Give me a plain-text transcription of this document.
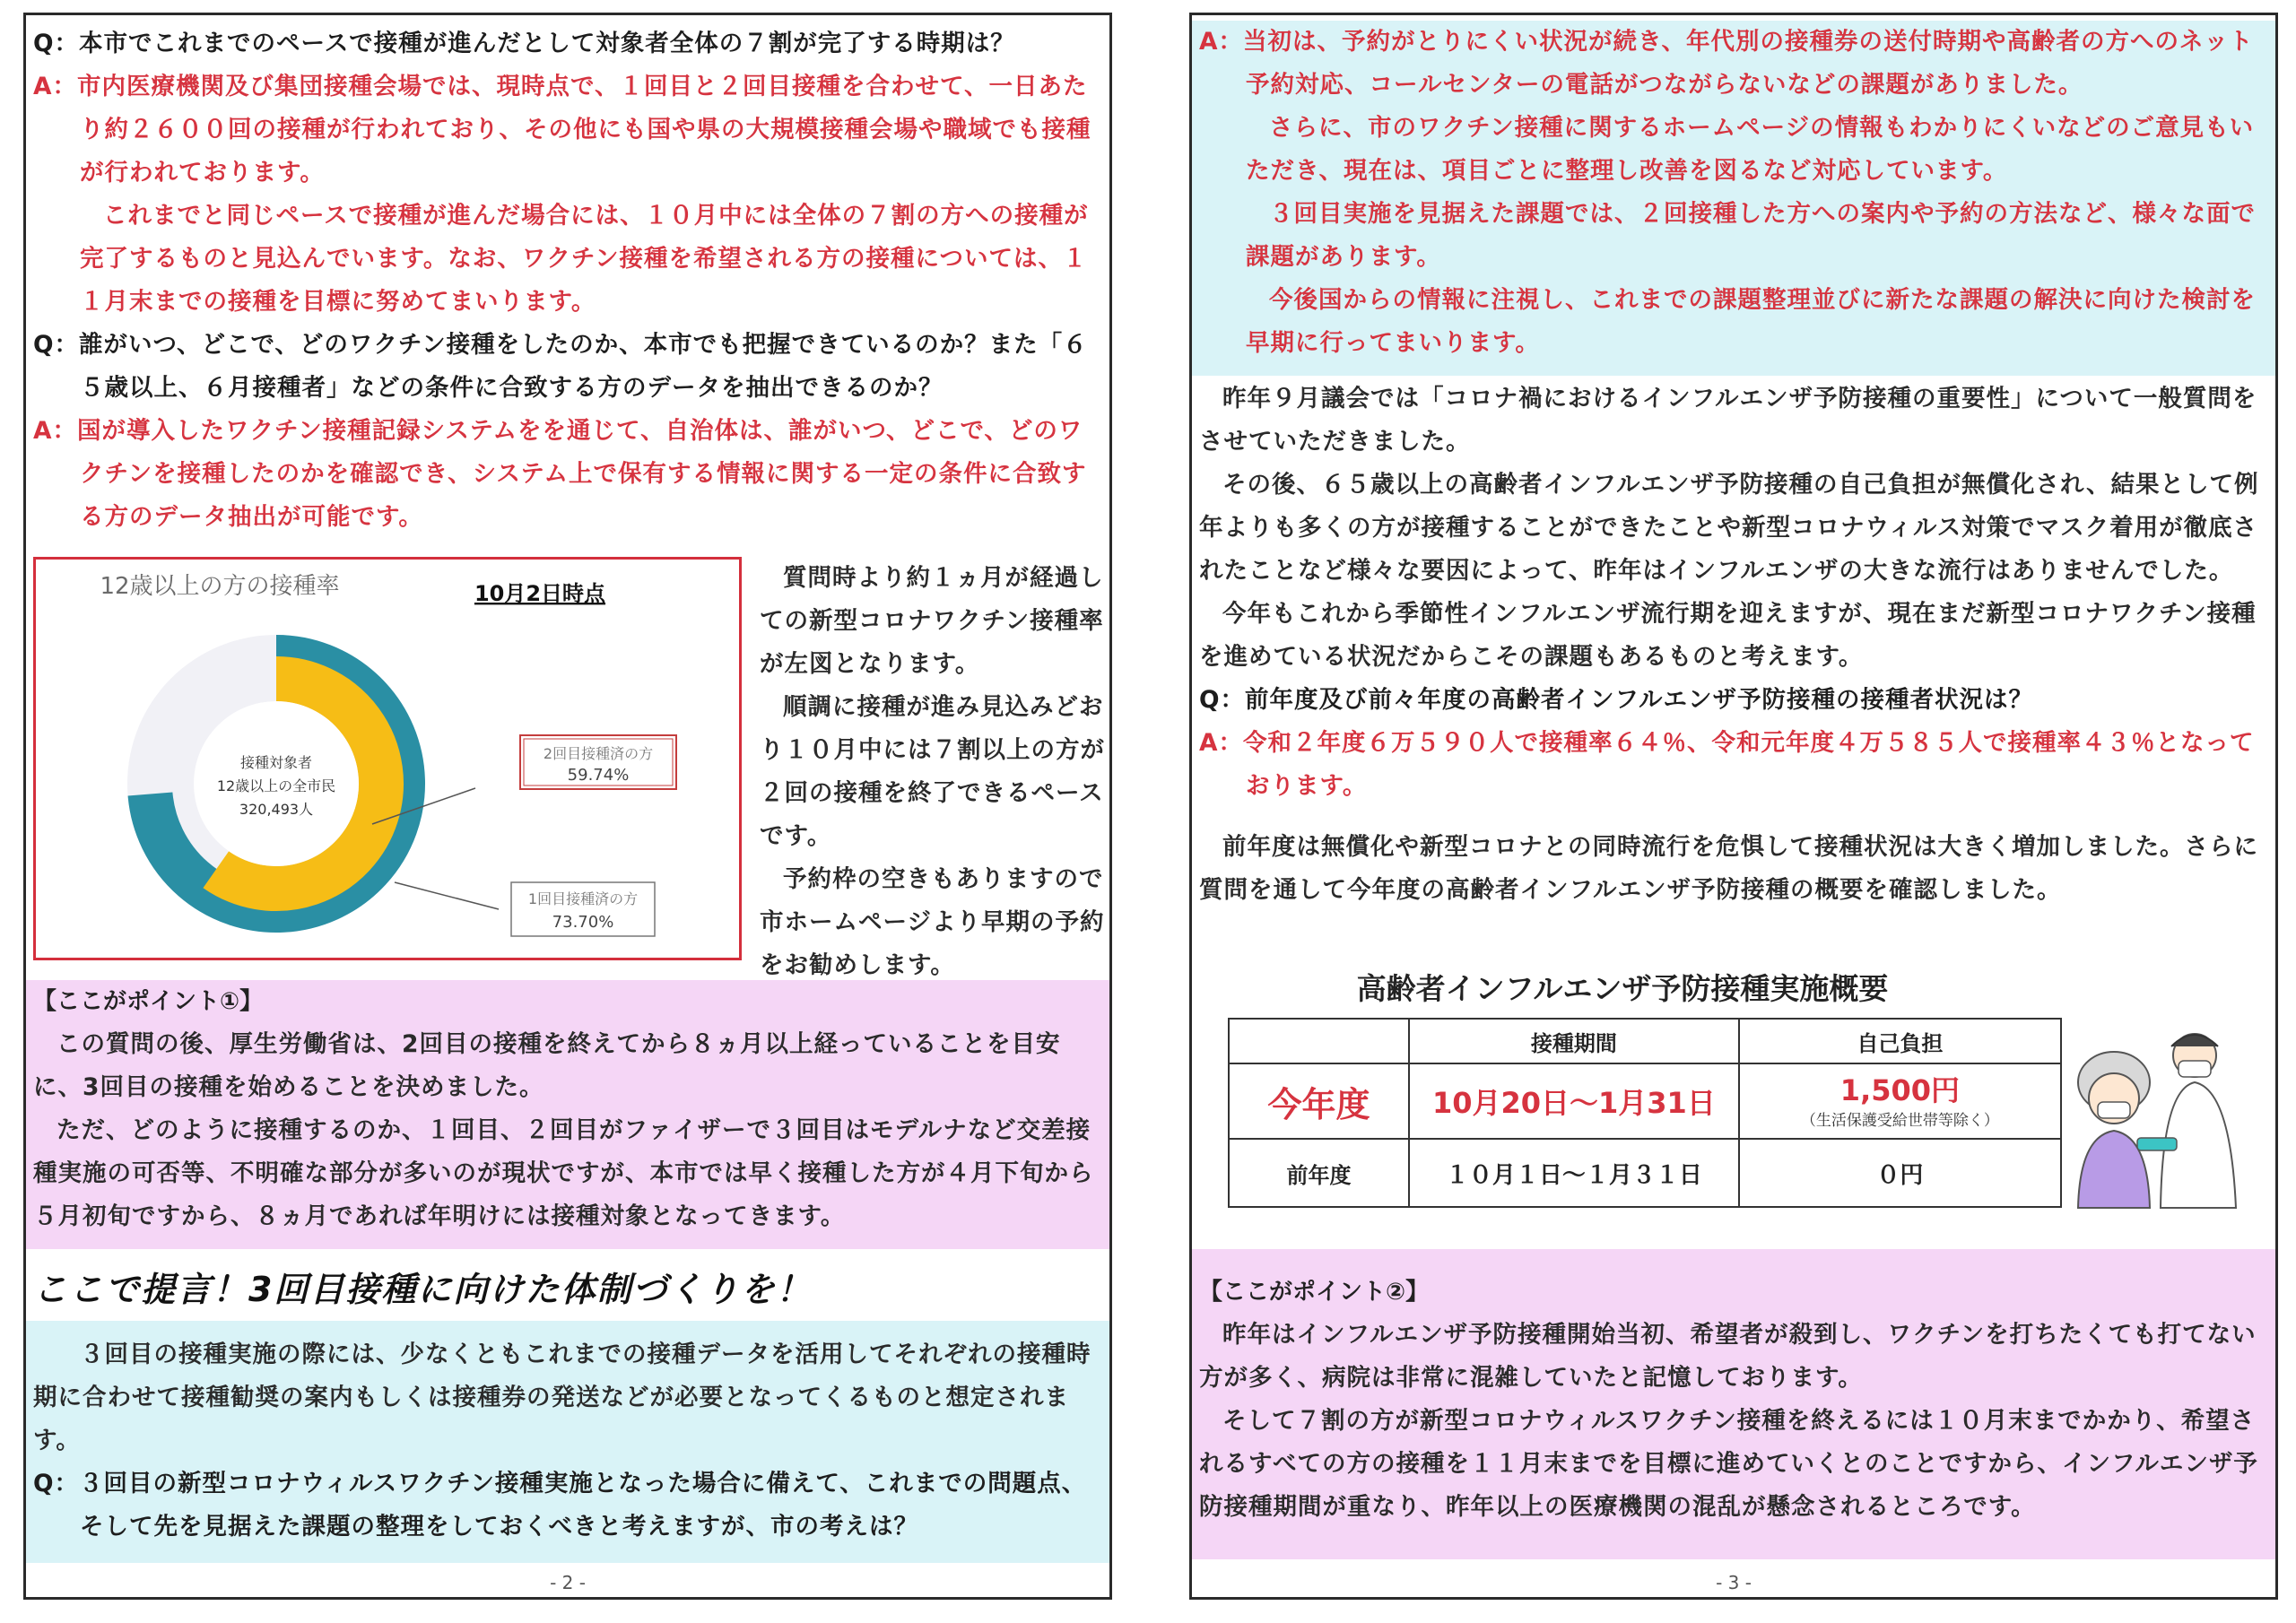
Q：本市でこれまでのペースで接種が進んだとして対象者全体の７割が完了する時期は？
A：市内医療機関及び集団接種会場では、現時点で、１回目と２回目接種を合わせて、一日あたり約２６００回の接種が行われており、その他にも国や県の大規模接種会場や職域でも接種が行われております。
これまでと同じペースで接種が進んだ場合には、１０月中には全体の７割の方への接種が完了するものと見込んでいます。なお、ワクチン接種を希望される方の接種については、１１月末までの接種を目標に努めてまいります。
Q：誰がいつ、どこで、どのワクチン接種をしたのか、本市でも把握できているのか？また「６５歳以上、６月接種者」などの条件に合致する方のデータを抽出できるのか？
A：国が導入したワクチン接種記録システムをを通じて、自治体は、誰がいつ、どこで、どのワクチンを接種したのかを確認でき、システム上で保有する情報に関する一定の条件に合致する方のデータ抽出が可能です。
12歳以上の方の接種率	10月2日時点
接種対象者
12歳以上の全市民
320,493人
2回目接種済の方
59.74%
1回目接種済の方
73.70%
質問時より約１ヵ月が経過しての新型コロナワクチン接種率が左図となります。
順調に接種が進み見込みどおり１０月中には７割以上の方が２回の接種を終了できるペースです。
予約枠の空きもありますので市ホームページより早期の予約をお勧めします。
【ここがポイント①】
この質問の後、厚生労働省は、2回目の接種を終えてから８ヵ月以上経っていることを目安に、3回目の接種を始めることを決めました。
ただ、どのように接種するのか、１回目、２回目がファイザーで３回目はモデルナなど交差接種実施の可否等、不明確な部分が多いのが現状ですが、本市では早く接種した方が４月下旬から５月初旬ですから、８ヵ月であれば年明けには接種対象となってきます。
ここで提言！3回目接種に向けた体制づくりを！
３回目の接種実施の際には、少なくともこれまでの接種データを活用してそれぞれの接種時期に合わせて接種勧奨の案内もしくは接種券の発送などが必要となってくるものと想定されます。
Q：３回目の新型コロナウィルスワクチン接種実施となった場合に備えて、これまでの問題点、そして先を見据えた課題の整理をしておくべきと考えますが、市の考えは？
- 2 -
A：当初は、予約がとりにくい状況が続き、年代別の接種券の送付時期や高齢者の方へのネット予約対応、コールセンターの電話がつながらないなどの課題がありました。
さらに、市のワクチン接種に関するホームページの情報もわかりにくいなどのご意見もいただき、現在は、項目ごとに整理し改善を図るなど対応しています。
３回目実施を見据えた課題では、２回接種した方への案内や予約の方法など、様々な面で課題があります。
今後国からの情報に注視し、これまでの課題整理並びに新たな課題の解決に向けた検討を早期に行ってまいります。
昨年９月議会では「コロナ禍におけるインフルエンザ予防接種の重要性」について一般質問をさせていただきました。
その後、６５歳以上の高齢者インフルエンザ予防接種の自己負担が無償化され、結果として例年よりも多くの方が接種することができたことや新型コロナウィルス対策でマスク着用が徹底されたことなど様々な要因によって、昨年はインフルエンザの大きな流行はありませんでした。
今年もこれから季節性インフルエンザ流行期を迎えますが、現在まだ新型コロナワクチン接種を進めている状況だからこその課題もあるものと考えます。
Q：前年度及び前々年度の高齢者インフルエンザ予防接種の接種者状況は？
A：令和２年度６万５９０人で接種率６４％、令和元年度４万５８５人で接種率４３％となっております。
前年度は無償化や新型コロナとの同時流行を危惧して接種状況は大きく増加しました。さらに質問を通して今年度の高齢者インフルエンザ予防接種の概要を確認しました。
高齢者インフルエンザ予防接種実施概要
	接種期間	自己負担
今年度	10月20日～1月31日	1,500円
（生活保護受給世帯等除く）

前年度	１０月１日～１月３１日	０円
【ここがポイント②】
昨年はインフルエンザ予防接種開始当初、希望者が殺到し、ワクチンを打ちたくても打てない方が多く、病院は非常に混雑していたと記憶しております。
そして７割の方が新型コロナウィルスワクチン接種を終えるには１０月末までかかり、希望されるすべての方の接種を１１月末までを目標に進めていくとのことですから、インフルエンザ予防接種期間が重なり、昨年以上の医療機関の混乱が懸念されるところです。
- 3 -
